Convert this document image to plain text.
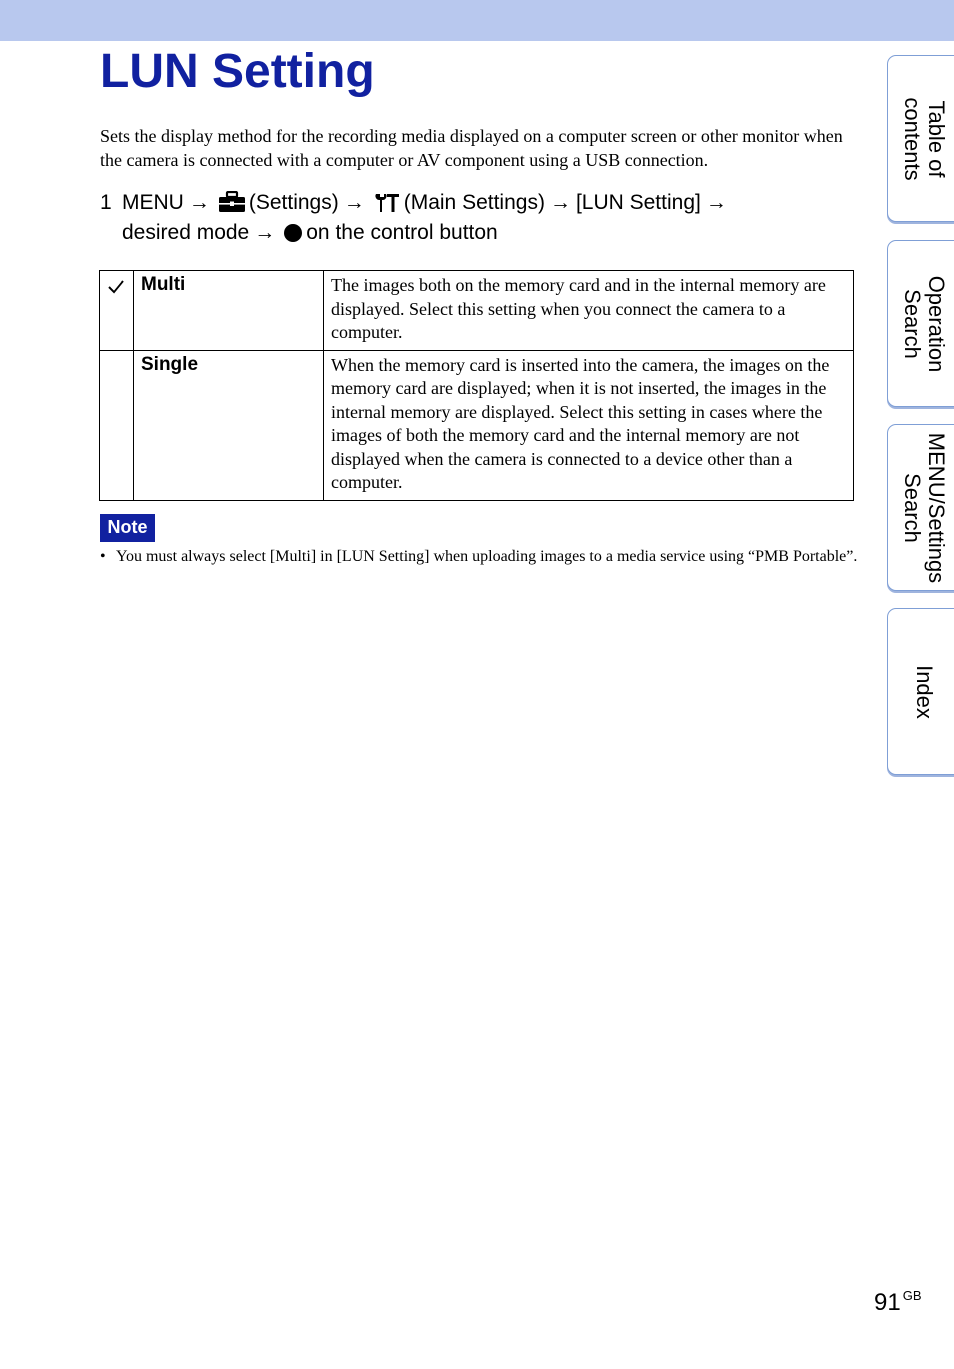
LUN Setting

Sets the display method for the recording media displayed on a computer screen or other monitor when the camera is connected with a computer or AV component using a USB connection.

1 MENU → (Settings) → (Main Settings) → [LUN Setting] →
desired mode → on the control button
	Multi	The images both on the memory card and in the internal memory are displayed. Select this setting when you connect the camera to a computer.
	Single	When the memory card is inserted into the camera, the images on the memory card are displayed; when it is not inserted, the images in the internal memory are displayed. Select this setting in cases where the images of both the memory card and the internal memory are not displayed when the camera is connected to a device other than a computer.
Note
• You must always select [Multi] in [LUN Setting] when uploading images to a media service using “PMB Portable”.
Table of
contents
Operation
Search
MENU/Settings
Search
Index
91 $^{GB}$
